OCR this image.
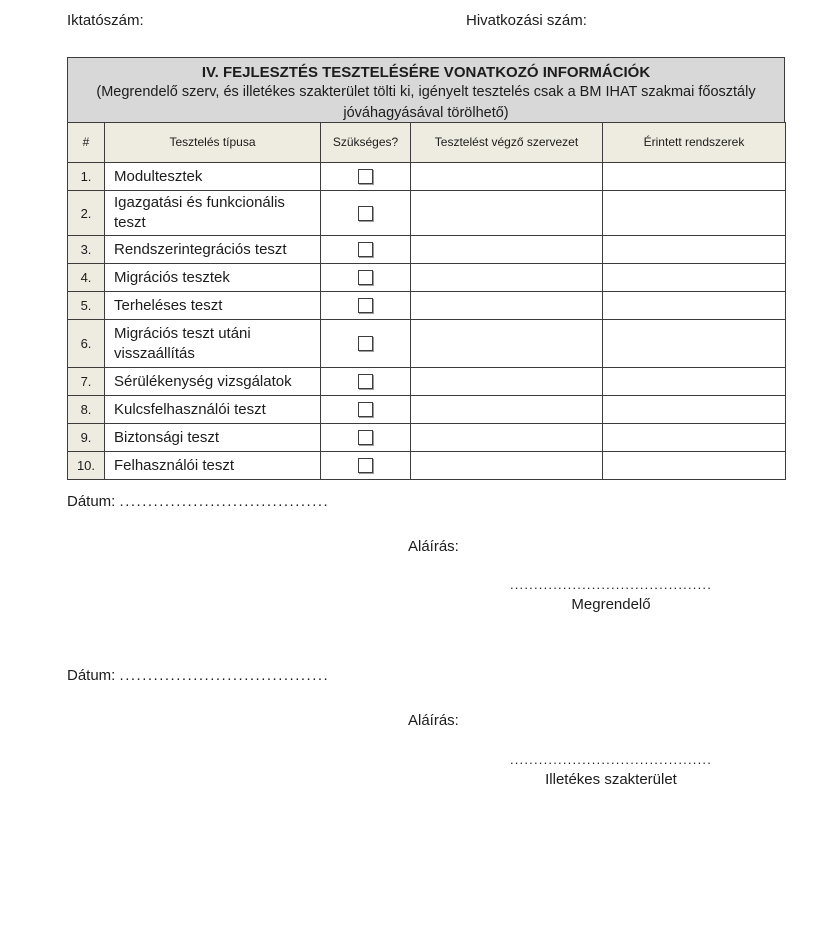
Iktatószám:	Hivatkozási szám:
IV. FEJLESZTÉS TESZTELÉSÉRE VONATKOZÓ INFORMÁCIÓK
(Megrendelő szerv, és illetékes szakterület tölti ki, igényelt tesztelés csak a BM IHAT szakmai főosztály jóváhagyásával törölhető)
#	Tesztelés típusa	Szükséges?	Tesztelést végző szervezet	Érintett rendszerek
1.	Modultesztek	

2.	Igazgatási és funkcionális teszt	

3.	Rendszerintegrációs teszt	

4.	Migrációs tesztek	

5.	Terheléses teszt	

6.	Migrációs teszt utáni visszaállítás	

7.	Sérülékenység vizsgálatok	

8.	Kulcsfelhasználói teszt	

9.	Biztonsági teszt	

10.	Felhasználói teszt	

Dátum: .....................................
Aláírás:
..........................................
Megrendelő
Dátum: .....................................
Aláírás:
..........................................
Illetékes szakterület
